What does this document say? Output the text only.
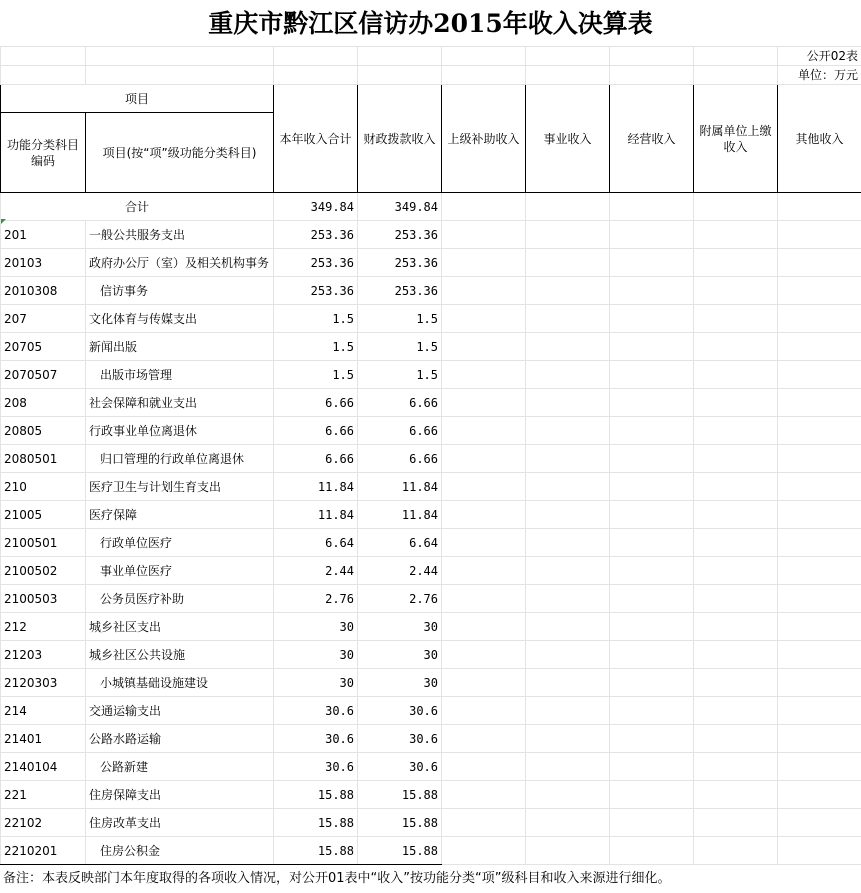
重庆市黔江区信访办2015年收入决算表
								公开02表
								单位：万元
项目		本年收入合计	财政拨款收入	上级补助收入	事业收入	经营收入	附属单位上缴收入	其他收入
功能分类科目编码	项目(按“项”级功能分类科目)							
合计		349.84	349.84					
201	一般公共服务支出	253.36	253.36					
20103	政府办公厅（室）及相关机构事务	253.36	253.36					
2010308	信访事务	253.36	253.36					
207	文化体育与传媒支出	1.5	1.5					
20705	新闻出版	1.5	1.5					
2070507	出版市场管理	1.5	1.5					
208	社会保障和就业支出	6.66	6.66					
20805	行政事业单位离退休	6.66	6.66					
2080501	归口管理的行政单位离退休	6.66	6.66					
210	医疗卫生与计划生育支出	11.84	11.84					
21005	医疗保障	11.84	11.84					
2100501	行政单位医疗	6.64	6.64					
2100502	事业单位医疗	2.44	2.44					
2100503	公务员医疗补助	2.76	2.76					
212	城乡社区支出	30	30					
21203	城乡社区公共设施	30	30					
2120303	小城镇基础设施建设	30	30					
214	交通运输支出	30.6	30.6					
21401	公路水路运输	30.6	30.6					
2140104	公路新建	30.6	30.6					
221	住房保障支出	15.88	15.88					
22102	住房改革支出	15.88	15.88					
2210201	住房公积金	15.88	15.88					
备注：本表反映部门本年度取得的各项收入情况，对公开01表中“收入”按功能分类“项”级科目和收入来源进行细化。
